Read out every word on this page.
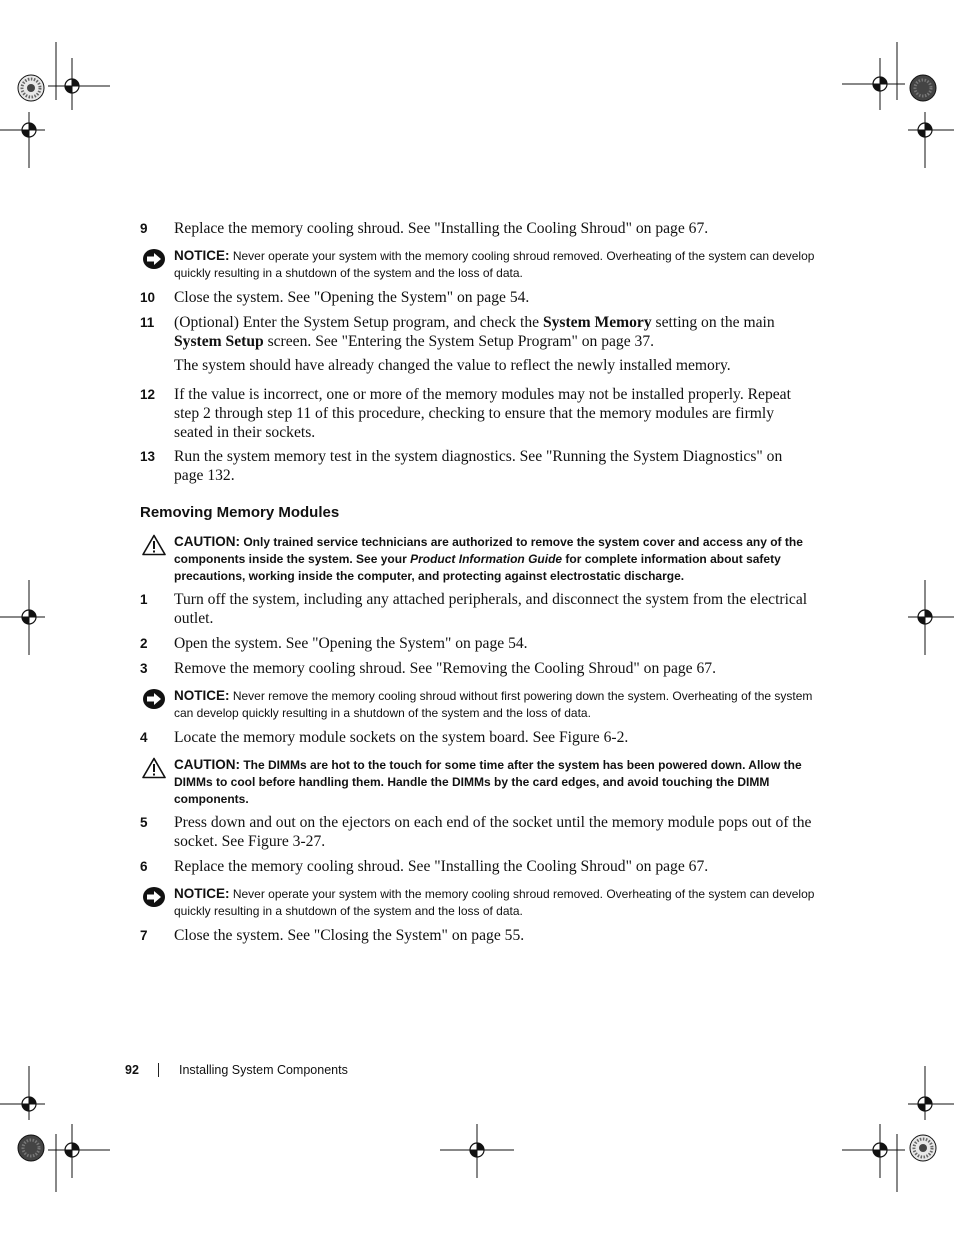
9	Replace the memory cooling shroud. See "Installing the Cooling Shroud" on page 67.
NOTICE: Never operate your system with the memory cooling shroud removed. Overheating of the system can develop quickly resulting in a shutdown of the system and the loss of data.
10	Close the system. See "Opening the System" on page 54.
11	(Optional) Enter the System Setup program, and check the System Memory setting on the main System Setup screen. See "Entering the System Setup Program" on page 37.
The system should have already changed the value to reflect the newly installed memory.
12	If the value is incorrect, one or more of the memory modules may not be installed properly. Repeat step 2 through step 11 of this procedure, checking to ensure that the memory modules are firmly seated in their sockets.
13	Run the system memory test in the system diagnostics. See "Running the System Diagnostics" on page 132.
Removing Memory Modules
CAUTION: Only trained service technicians are authorized to remove the system cover and access any of the components inside the system. See your Product Information Guide for complete information about safety precautions, working inside the computer, and protecting against electrostatic discharge.
1	Turn off the system, including any attached peripherals, and disconnect the system from the electrical outlet.
2	Open the system. See "Opening the System" on page 54.
3	Remove the memory cooling shroud. See "Removing the Cooling Shroud" on page 67.
NOTICE: Never remove the memory cooling shroud without first powering down the system. Overheating of the system can develop quickly resulting in a shutdown of the system and the loss of data.
4	Locate the memory module sockets on the system board. See Figure 6-2.
CAUTION: The DIMMs are hot to the touch for some time after the system has been powered down. Allow the DIMMs to cool before handling them. Handle the DIMMs by the card edges, and avoid touching the DIMM components.
5	Press down and out on the ejectors on each end of the socket until the memory module pops out of the socket. See Figure 3-27.
6	Replace the memory cooling shroud. See "Installing the Cooling Shroud" on page 67.
NOTICE: Never operate your system with the memory cooling shroud removed. Overheating of the system can develop quickly resulting in a shutdown of the system and the loss of data.
7	Close the system. See "Closing the System" on page 55.
92	Installing System Components
